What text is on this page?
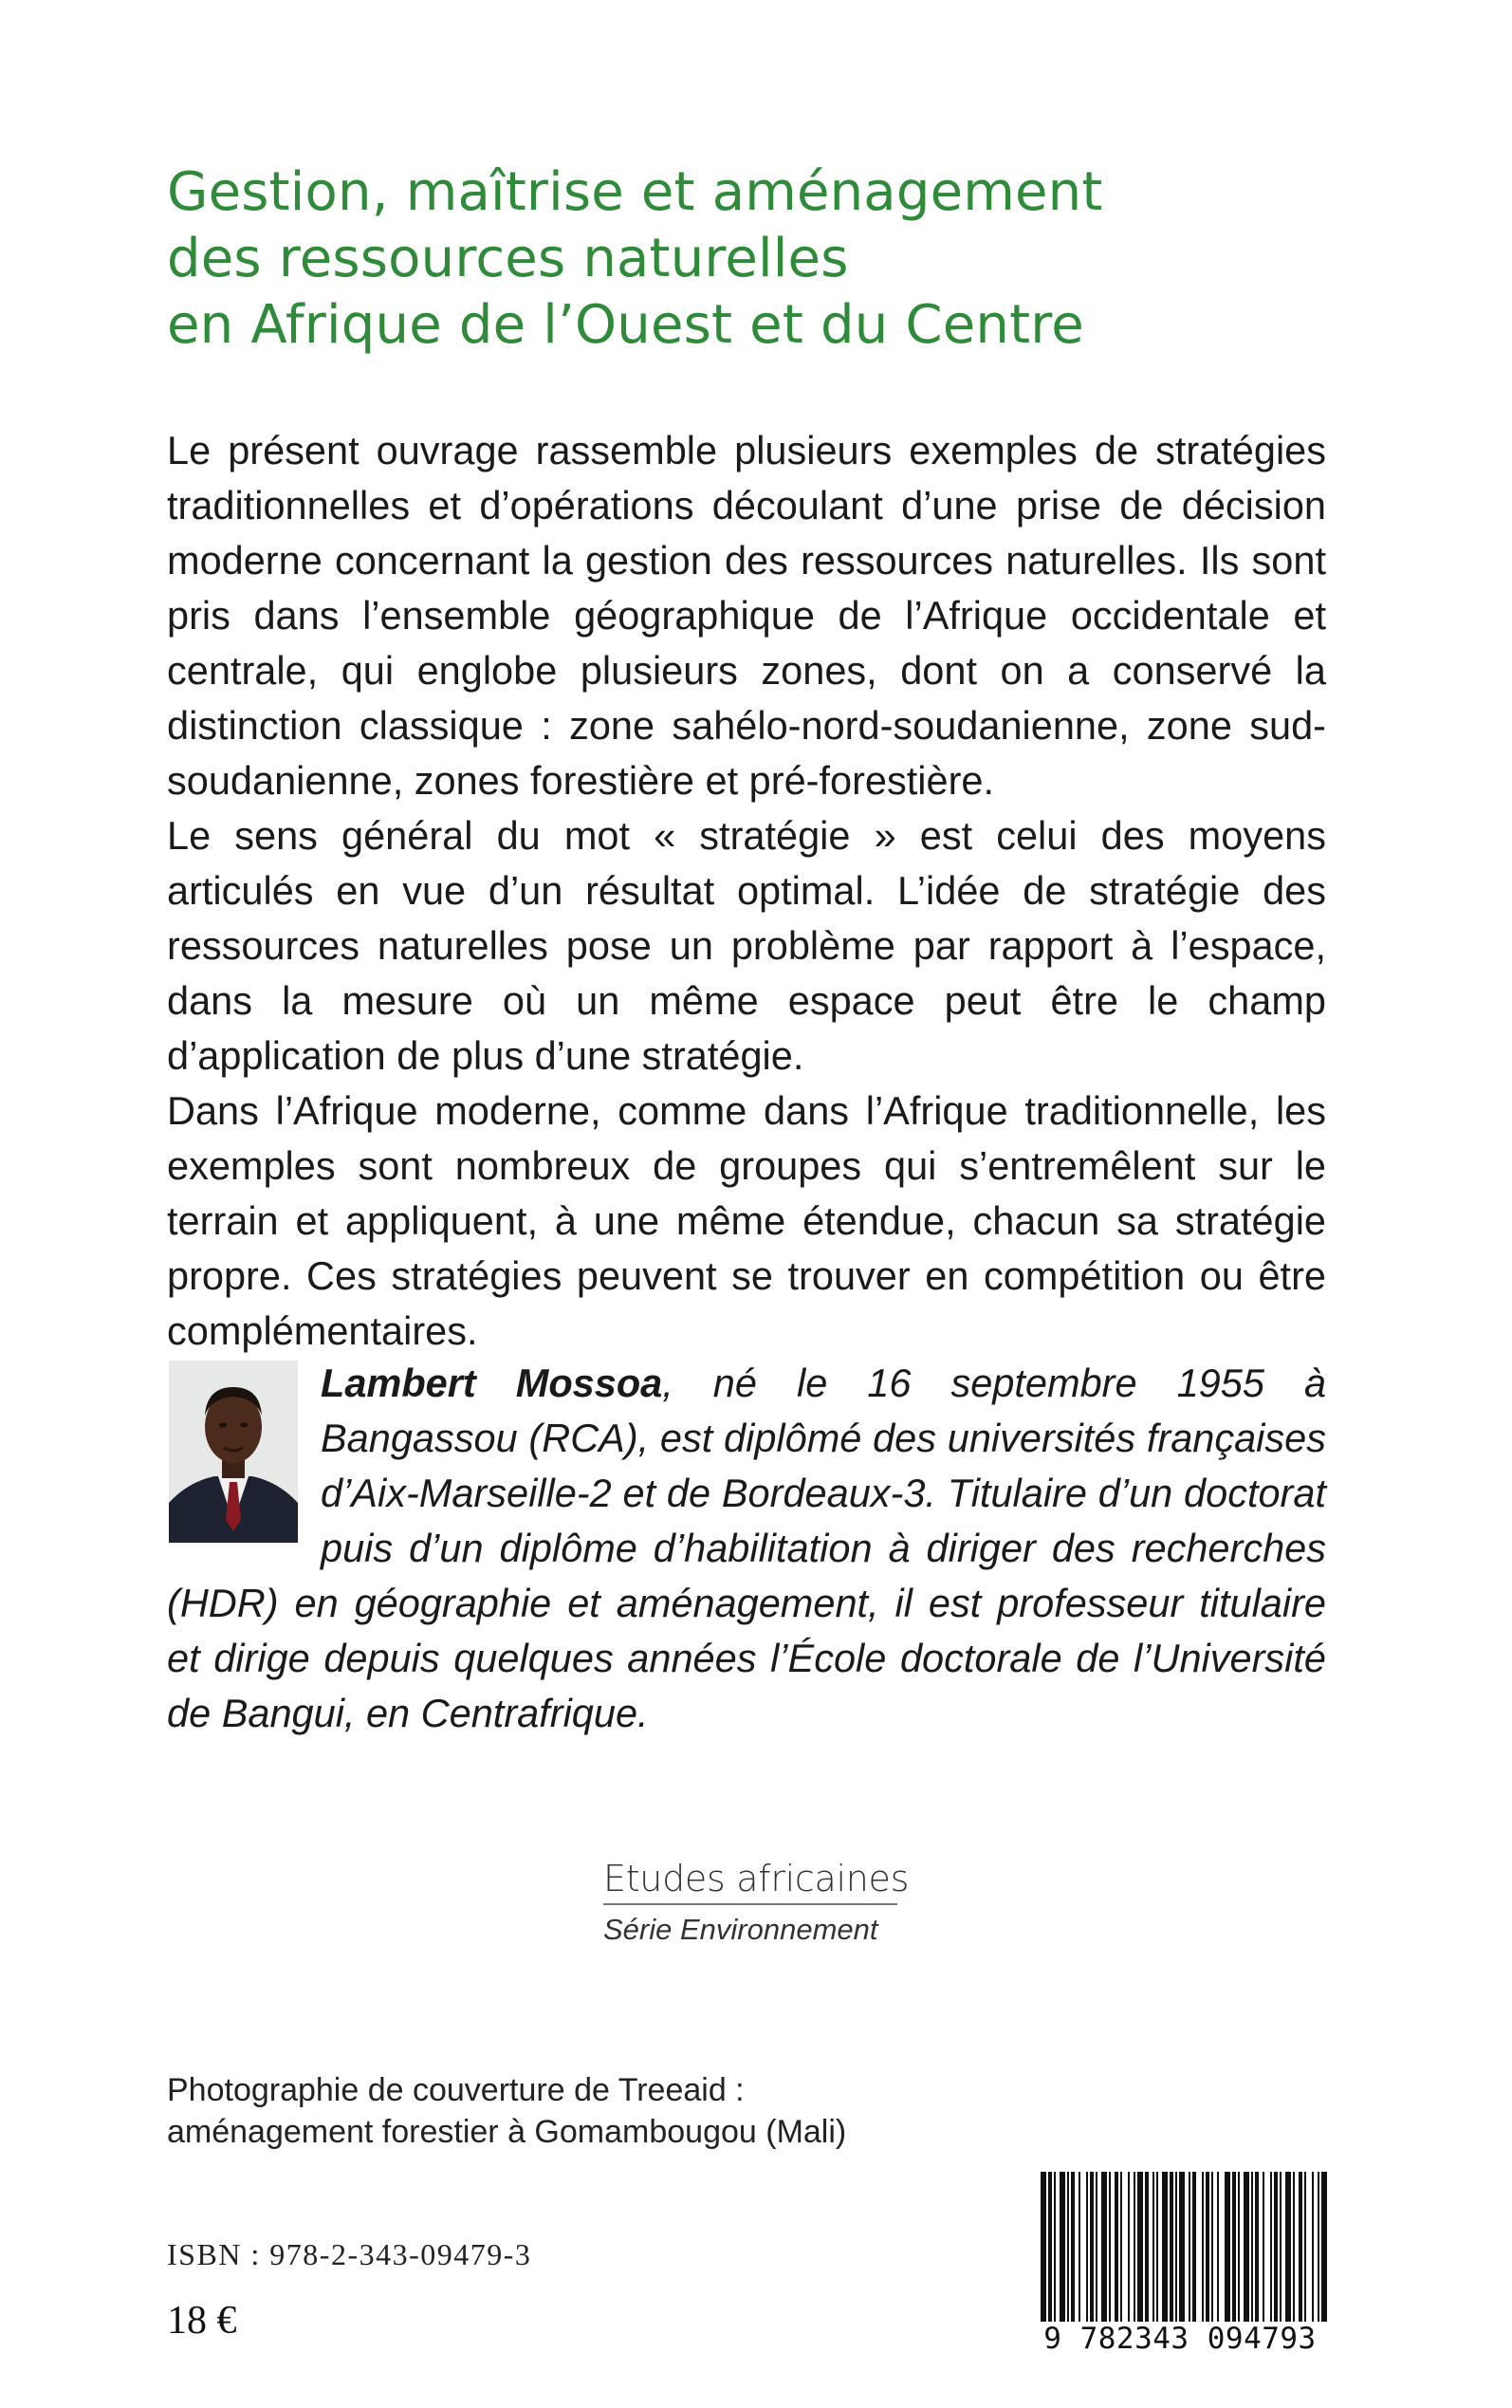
Gestion, maîtrise et aménagement
des ressources naturelles
en Afrique de l’Ouest et du Centre

Le présent ouvrage rassemble plusieurs exemples de stratégies traditionnelles et d’opérations découlant d’une prise de décision moderne concernant la gestion des ressources naturelles. Ils sont pris dans l’ensemble géographique de l’Afrique occidentale et centrale, qui englobe plusieurs zones, dont on a conservé la distinction classique : zone sahélo-nord-soudanienne, zone sud-soudanienne, zones forestière et pré-forestière.

Le sens général du mot « stratégie » est celui des moyens articulés en vue d’un résultat optimal. L’idée de stratégie des ressources naturelles pose un problème par rapport à l’espace, dans la mesure où un même espace peut être le champ d’application de plus d’une stratégie.

Dans l’Afrique moderne, comme dans l’Afrique traditionnelle, les exemples sont nombreux de groupes qui s’entremêlent sur le terrain et appliquent, à une même étendue, chacun sa stratégie propre. Ces stratégies peuvent se trouver en compétition ou être complémentaires.

Lambert Mossoa, né le 16 septembre 1955 à Bangassou (RCA), est diplômé des universités françaises d’Aix-Marseille-2 et de Bordeaux-3. Titulaire d’un doctorat puis d’un diplôme d’habilitation à diriger des recherches (HDR) en géographie et aménagement, il est professeur titulaire et dirige depuis quelques années l’École doctorale de l’Université de Bangui, en Centrafrique.
Etudes africaines
Série Environnement
Photographie de couverture de Treeaid :
aménagement forestier à Gomambougou (Mali)
ISBN : 978-2-343-09479-3
18 €	9 782343 094793
